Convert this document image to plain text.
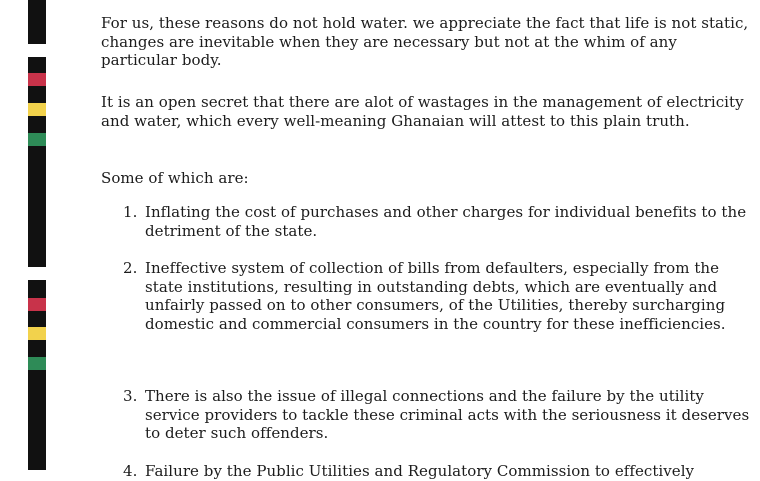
For us, these reasons do not hold water. we appreciate the fact that life is not static, changes are inevitable when they are necessary but not at the whim of any particular body.

It is an open secret that there are alot of wastages in the management of electricity and water, which every well-meaning Ghanaian will attest to this plain truth.

Some of which are:

1. Inflating the cost of purchases and other charges for individual benefits to the detriment of the state.
2. Ineffective system of collection of bills from defaulters, especially from the state institutions, resulting in outstanding debts, which are eventually and unfairly passed on to other consumers, of the Utilities, thereby surcharging domestic and commercial consumers in the country for these inefficiencies.
3. There is also the issue of illegal connections and the failure by the utility service providers to tackle these criminal acts with the seriousness it deserves to deter such offenders.
4. Failure by the Public Utilities and Regulatory Commission to effectively
